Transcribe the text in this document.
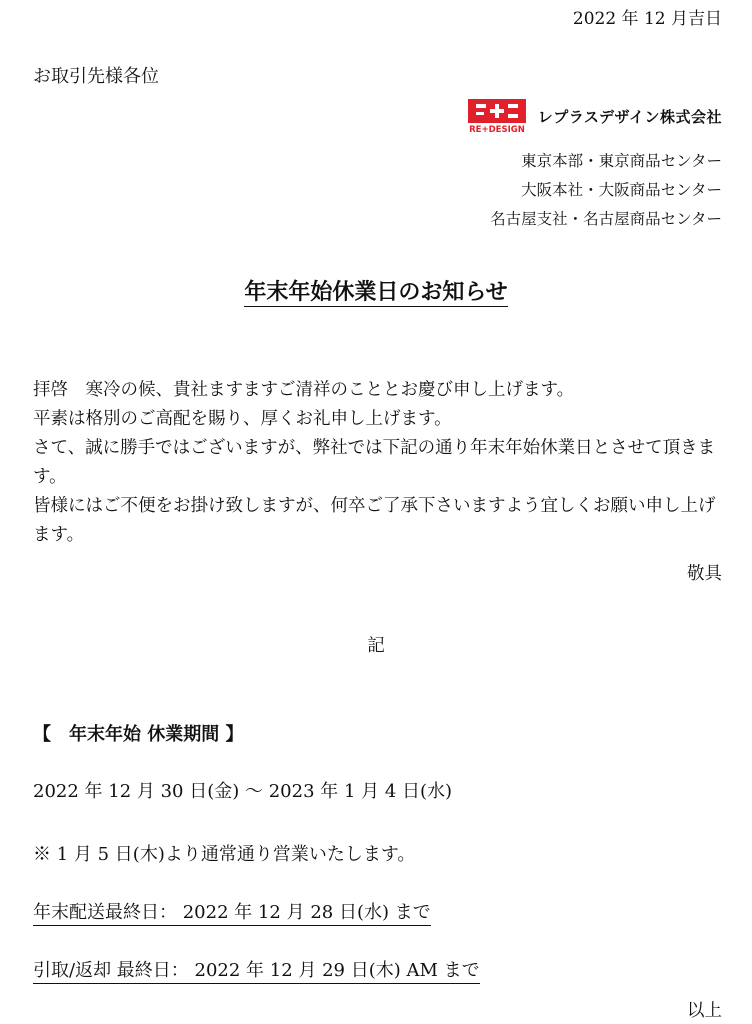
2022 年 12 月吉日
お取引先様各位
RE+DESIGN
レプラスデザイン株式会社
東京本部・東京商品センター
大阪本社・大阪商品センター
名古屋支社・名古屋商品センター
年末年始休業日のお知らせ

拝啓　寒冷の候、貴社ますますご清祥のこととお慶び申し上げます。

平素は格別のご高配を賜り、厚くお礼申し上げます。

さて、誠に勝手ではございますが、弊社では下記の通り年末年始休業日とさせて頂きます。

皆様にはご不便をお掛け致しますが、何卒ご了承下さいますよう宜しくお願い申し上げます。

敬具
記
【　年末年始 休業期間 】
2022 年 12 月 30 日(金) ～ 2023 年 1 月 4 日(水)
※ 1 月 5 日(木)より通常通り営業いたします。
年末配送最終日： 2022 年 12 月 28 日(水) まで
引取/返却 最終日： 2022 年 12 月 29 日(木) AM まで
以上
